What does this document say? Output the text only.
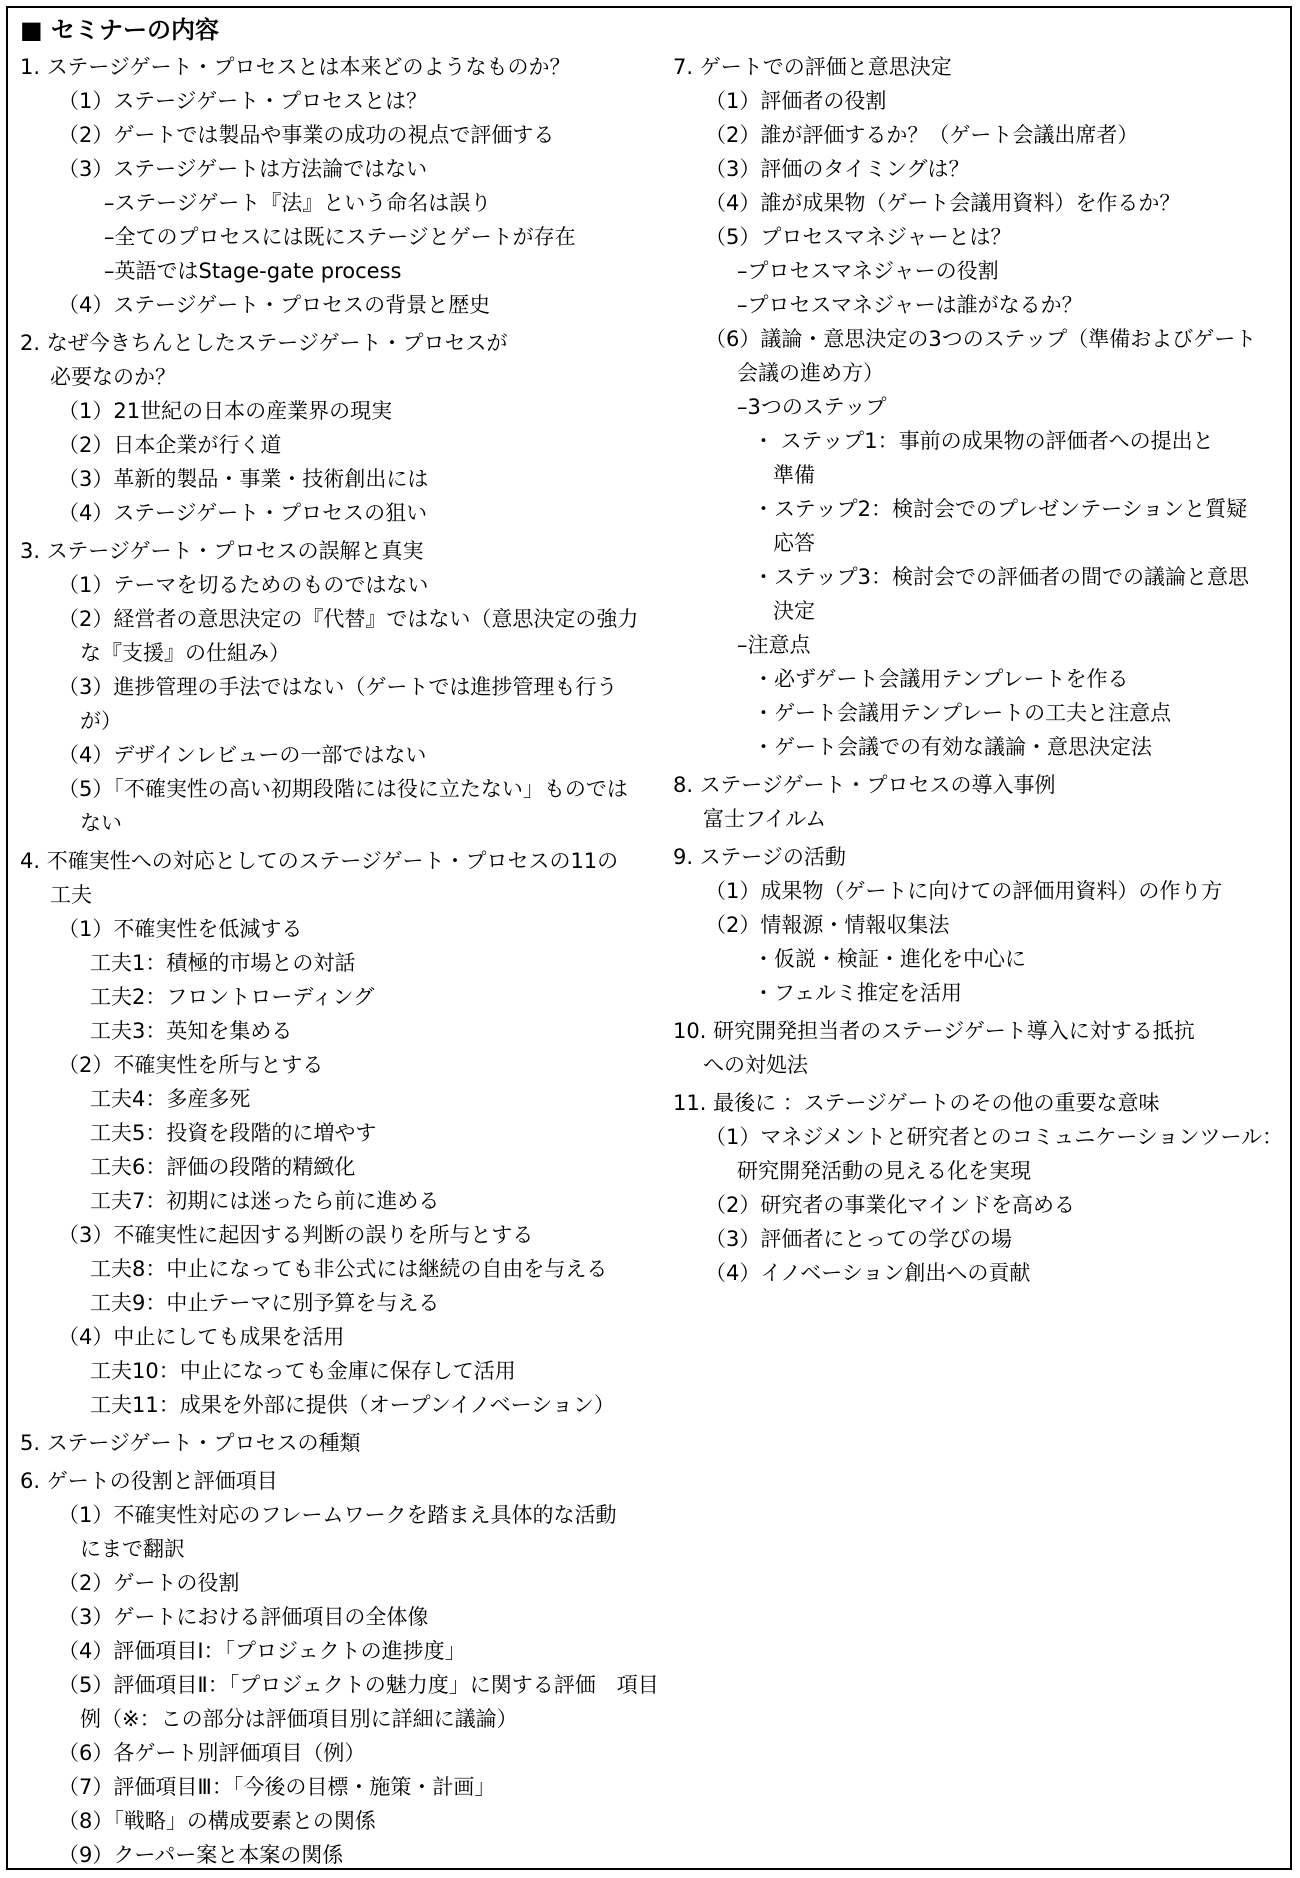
■ セミナーの内容
1. ステージゲート・プロセスとは本来どのようなものか？
（1）ステージゲート・プロセスとは？
（2）ゲートでは製品や事業の成功の視点で評価する
（3）ステージゲートは方法論ではない
–ステージゲート『法』という命名は誤り
–全てのプロセスには既にステージとゲートが存在
–英語ではStage-gate process
（4）ステージゲート・プロセスの背景と歴史
2. なぜ今きちんとしたステージゲート・プロセスが
必要なのか？
（1）21世紀の日本の産業界の現実
（2）日本企業が行く道
（3）革新的製品・事業・技術創出には
（4）ステージゲート・プロセスの狙い
3. ステージゲート・プロセスの誤解と真実
（1）テーマを切るためのものではない
（2）経営者の意思決定の『代替』ではない（意思決定の強力
な『支援』の仕組み）
（3）進捗管理の手法ではない（ゲートでは進捗管理も行う
が）
（4）デザインレビューの一部ではない
（5）「不確実性の高い初期段階には役に立たない」ものでは
ない
4. 不確実性への対応としてのステージゲート・プロセスの11の
工夫
（1）不確実性を低減する
工夫1：積極的市場との対話
工夫2：フロントローディング
工夫3：英知を集める
（2）不確実性を所与とする
工夫4：多産多死
工夫5：投資を段階的に増やす
工夫6：評価の段階的精緻化
工夫7：初期には迷ったら前に進める
（3）不確実性に起因する判断の誤りを所与とする
工夫8：中止になっても非公式には継続の自由を与える
工夫9：中止テーマに別予算を与える
（4）中止にしても成果を活用
工夫10：中止になっても金庫に保存して活用
工夫11：成果を外部に提供（オープンイノベーション）
5. ステージゲート・プロセスの種類
6. ゲートの役割と評価項目
（1）不確実性対応のフレームワークを踏まえ具体的な活動
にまで翻訳
（2）ゲートの役割
（3）ゲートにおける評価項目の全体像
（4）評価項目Ⅰ：「プロジェクトの進捗度」
（5）評価項目Ⅱ：「プロジェクトの魅力度」に関する評価　項目
例（※：この部分は評価項目別に詳細に議論）
（6）各ゲート別評価項目（例）
（7）評価項目Ⅲ：「今後の目標・施策・計画」
（8）「戦略」の構成要素との関係
（9）クーパー案と本案の関係
7. ゲートでの評価と意思決定
（1）評価者の役割
（2）誰が評価するか？（ゲート会議出席者）
（3）評価のタイミングは？
（4）誰が成果物（ゲート会議用資料）を作るか？
（5）プロセスマネジャーとは？
–プロセスマネジャーの役割
–プロセスマネジャーは誰がなるか？
（6）議論・意思決定の3つのステップ（準備およびゲート
会議の進め方）
–3つのステップ
・ ステップ1：事前の成果物の評価者への提出と
準備
・ステップ2：検討会でのプレゼンテーションと質疑
応答
・ステップ3：検討会での評価者の間での議論と意思
決定
–注意点
・必ずゲート会議用テンプレートを作る
・ゲート会議用テンプレートの工夫と注意点
・ゲート会議での有効な議論・意思決定法
8. ステージゲート・プロセスの導入事例
富士フイルム
9. ステージの活動
（1）成果物（ゲートに向けての評価用資料）の作り方
（2）情報源・情報収集法
・仮説・検証・進化を中心に
・フェルミ推定を活用
10. 研究開発担当者のステージゲート導入に対する抵抗
への対処法
11. 最後に ：ステージゲートのその他の重要な意味
（1）マネジメントと研究者とのコミュニケーションツール：
研究開発活動の見える化を実現
（2）研究者の事業化マインドを高める
（3）評価者にとっての学びの場
（4）イノベーション創出への貢献
